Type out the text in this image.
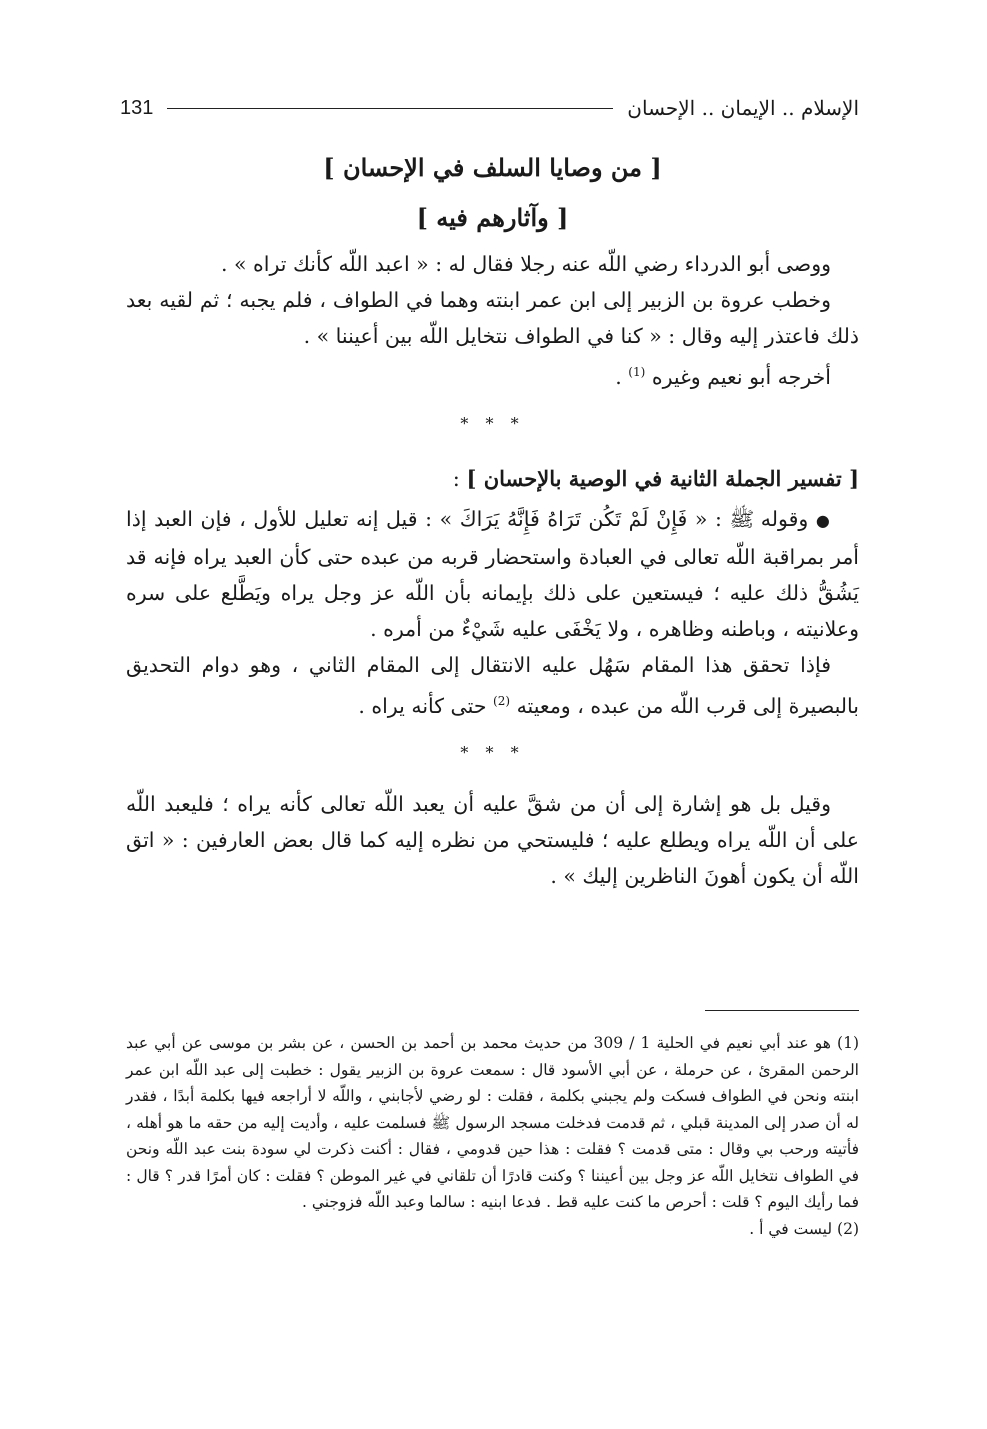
الإسلام .. الإيمان .. الإحسان
131
[ من وصايا السلف في الإحسان ]
[ وآثارهم فيه ]

ووصى أبو الدرداء رضي اللّه عنه رجلا فقال له : « اعبد اللّه كأنك تراه » .

وخطب عروة بن الزبير إلى ابن عمر ابنته وهما في الطواف ، فلم يجبه ؛ ثم لقيه بعد ذلك فاعتذر إليه وقال : « كنا في الطواف نتخايل اللّه بين أعيننا » .

أخرجه أبو نعيم وغيره $^{(1)}$ .

* * *
[ تفسير الجملة الثانية في الوصية بالإحسان ] :

● وقوله ﷺ : « فَإِنْ لَمْ تَكُن تَرَاهُ فَإِنَّهُ يَرَاكَ » : قيل إنه تعليل للأول ، فإن العبد إذا أمر بمراقبة اللّه تعالى في العبادة واستحضار قربه من عبده حتى كأن العبد يراه فإنه قد يَشُقُّ ذلك عليه ؛ فيستعين على ذلك بإيمانه بأن اللّه عز وجل يراه ويَطَّلع على سره وعلانيته ، وباطنه وظاهره ، ولا يَخْفَى عليه شَيْءٌ من أمره .

فإذا تحقق هذا المقام سَهُل عليه الانتقال إلى المقام الثاني ، وهو دوام التحديق بالبصيرة إلى قرب اللّه من عبده ، ومعيته $^{(2)}$ حتى كأنه يراه .

* * *

وقيل بل هو إشارة إلى أن من شقَّ عليه أن يعبد اللّه تعالى كأنه يراه ؛ فليعبد اللّه على أن اللّه يراه ويطلع عليه ؛ فليستحي من نظره إليه كما قال بعض العارفين : « اتق اللّه أن يكون أهونَ الناظرين إليك » .

(1) هو عند أبي نعيم في الحلية 1 / 309 من حديث محمد بن أحمد بن الحسن ، عن بشر بن موسى عن أبي عبد الرحمن المقرئ ، عن حرملة ، عن أبي الأسود قال : سمعت عروة بن الزبير يقول : خطبت إلى عبد اللّه ابن عمر ابنته ونحن في الطواف فسكت ولم يجبني بكلمة ، فقلت : لو رضي لأجابني ، واللّه لا أراجعه فيها بكلمة أبدًا ، فقدر له أن صدر إلى المدينة قبلي ، ثم قدمت فدخلت مسجد الرسول ﷺ فسلمت عليه ، وأديت إليه من حقه ما هو أهله ، فأتيته ورحب بي وقال : متى قدمت ؟ فقلت : هذا حين قدومي ، فقال : أكنت ذكرت لي سودة بنت عبد اللّه ونحن في الطواف نتخايل اللّه عز وجل بين أعيننا ؟ وكنت قادرًا أن تلقاني في غير الموطن ؟ فقلت : كان أمرًا قدر ؟ قال : فما رأيك اليوم ؟ قلت : أحرص ما كنت عليه قط . فدعا ابنيه : سالما وعبد اللّه فزوجني .

(2) ليست في أ .
